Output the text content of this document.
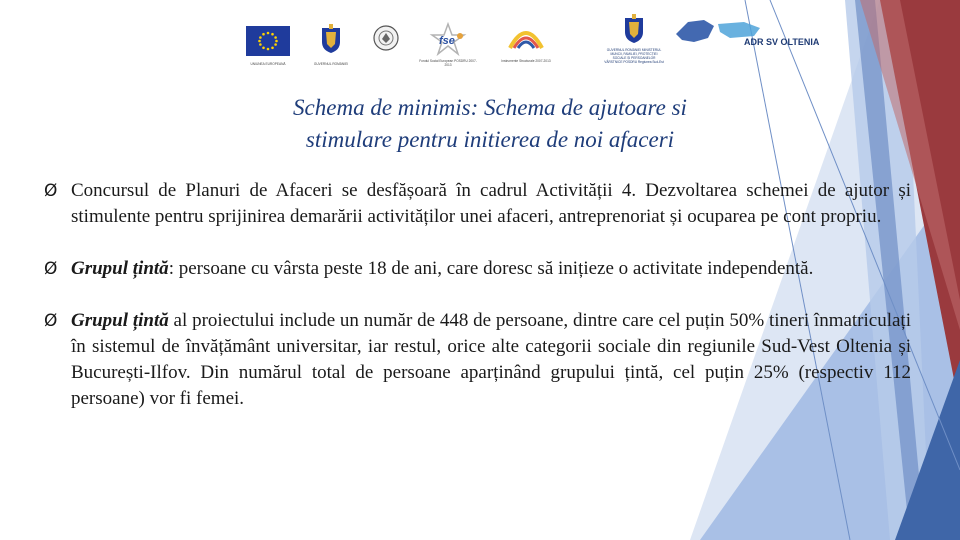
UNIUNEA EUROPEANĂ	GUVERNUL ROMÂNIEI
fse
Fondul Social European POSDRU 2007-2013
Instrumente Structurale 2007-2013
GUVERNUL ROMÂNIEI MINISTERUL MUNCII, FAMILIEI, PROTECȚIEI SOCIALE ȘI PERSOANELOR VÂRSTNICE POSDRU Regiunea Sud-Est
ADR SV OLTENIA
Schema de minimis: Schema de ajutoare si
stimulare pentru initierea de noi afaceri
Ø Concursul de Planuri de Afaceri se desfășoară în cadrul Activității 4. Dezvoltarea schemei de ajutor și stimulente pentru sprijinirea demarării activităților unei afaceri, antreprenoriat și ocuparea pe cont propriu.
Ø Grupul țintă: persoane cu vârsta peste 18 de ani, care doresc să inițieze o activitate independentă.
Ø Grupul țintă al proiectului include un număr de 448 de persoane, dintre care cel puțin 50% tineri înmatriculați în sistemul de învățământ universitar, iar restul, orice alte categorii sociale din regiunile Sud-Vest Oltenia și București-Ilfov. Din numărul total de persoane aparținând grupului țintă, cel puțin 25% (respectiv 112 persoane) vor fi femei.
